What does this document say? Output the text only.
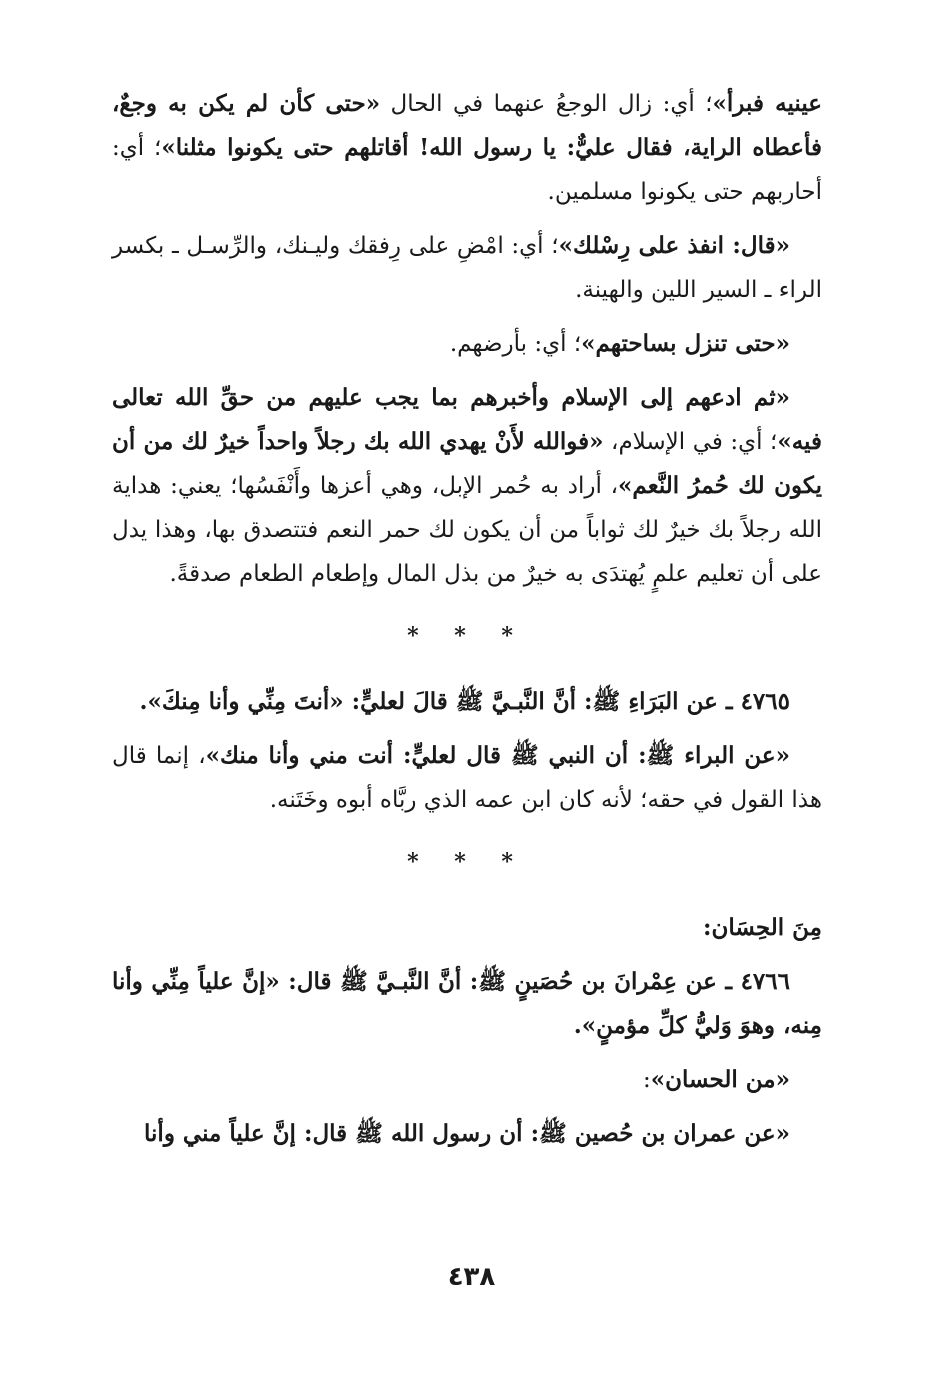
عينيه فبرأ»؛ أي: زال الوجعُ عنهما في الحال «حتى كأن لم يكن به وجعٌ، فأعطاه الراية، فقال عليٌّ: يا رسول الله! أقاتلهم حتى يكونوا مثلنا»؛ أي: أحاربهم حتى يكونوا مسلمين.

«قال: انفذ على رِسْلك»؛ أي: امْضِ على رِفقك وليـنك، والرِّسـل ـ بكسر الراء ـ السير اللين والهينة.

«حتى تنزل بساحتهم»؛ أي: بأرضهم.

«ثم ادعهم إلى الإسلام وأخبرهم بما يجب عليهم من حقِّ الله تعالى فيه»؛ أي: في الإسلام، «فوالله لأَنْ يهدي الله بك رجلاً واحداً خيرٌ لك من أن يكون لك حُمرُ النَّعم»، أراد به حُمر الإبل، وهي أعزها وأَنْفَسُها؛ يعني: هداية الله رجلاً بك خيرٌ لك ثواباً من أن يكون لك حمر النعم فتتصدق بها، وهذا يدل على أن تعليم علمٍ يُهتدَى به خيرٌ من بذل المال وإطعام الطعام صدقةً.

* * *

٤٧٦٥ ـ عن البَرَاءِ ﷺ: أنَّ النَّبـيَّ ﷺ قالَ لعليٍّ: «أنتَ مِنِّي وأنا مِنكَ».

«عن البراء ﷺ: أن النبي ﷺ قال لعليٍّ: أنت مني وأنا منك»، إنما قال هذا القول في حقه؛ لأنه كان ابن عمه الذي ربَّاه أبوه وخَتَنه.

* * *

مِنَ الحِسَان:

٤٧٦٦ ـ عن عِمْرانَ بن حُصَينٍ ﷺ: أنَّ النَّبـيَّ ﷺ قال: «إنَّ علياً مِنِّي وأنا مِنه، وهوَ وَليُّ كلِّ مؤمنٍ».

«من الحسان»:

«عن عمران بن حُصين ﷺ: أن رسول الله ﷺ قال: إنَّ علياً مني وأنا

٤٣٨
